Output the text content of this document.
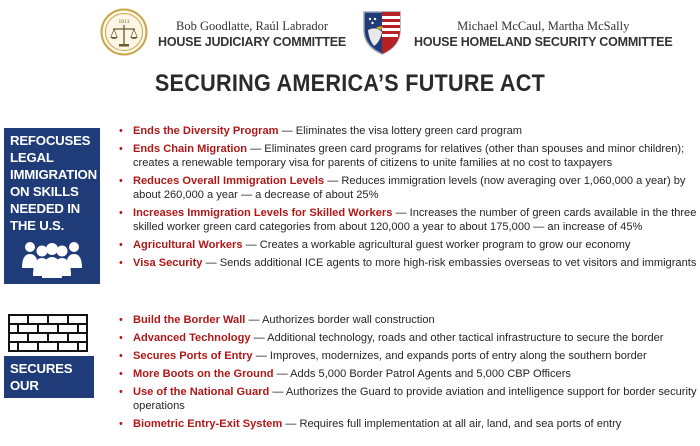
1813	Bob Goodlatte, Raúl Labrador
HOUSE JUDICIARY COMMITTEE
Michael McCaul, Martha McSally
HOUSE HOMELAND SECURITY COMMITTEE
SECURING AMERICA’S FUTURE ACT
REFOCUSES LEGAL IMMIGRATION ON SKILLS NEEDED IN THE U.S.
SECURES OUR BORDERS
• Ends the Diversity Program — Eliminates the visa lottery green card program
• Ends Chain Migration — Eliminates green card programs for relatives (other than spouses and minor children); creates a renewable temporary visa for parents of citizens to unite families at no cost to taxpayers
• Reduces Overall Immigration Levels — Reduces immigration levels (now averaging over 1,060,000 a year) by about 260,000 a year — a decrease of about 25%
• Increases Immigration Levels for Skilled Workers — Increases the number of green cards available in the three skilled worker green card categories from about 120,000 a year to about 175,000 — an increase of 45%
• Agricultural Workers — Creates a workable agricultural guest worker program to grow our economy
• Visa Security — Sends additional ICE agents to more high-risk embassies overseas to vet visitors and immigrants
• Build the Border Wall — Authorizes border wall construction
• Advanced Technology — Additional technology, roads and other tactical infrastructure to secure the border
• Secures Ports of Entry — Improves, modernizes, and expands ports of entry along the southern border
• More Boots on the Ground — Adds 5,000 Border Patrol Agents and 5,000 CBP Officers
• Use of the National Guard — Authorizes the Guard to provide aviation and intelligence support for border security operations
• Biometric Entry-Exit System — Requires full implementation at all air, land, and sea ports of entry
